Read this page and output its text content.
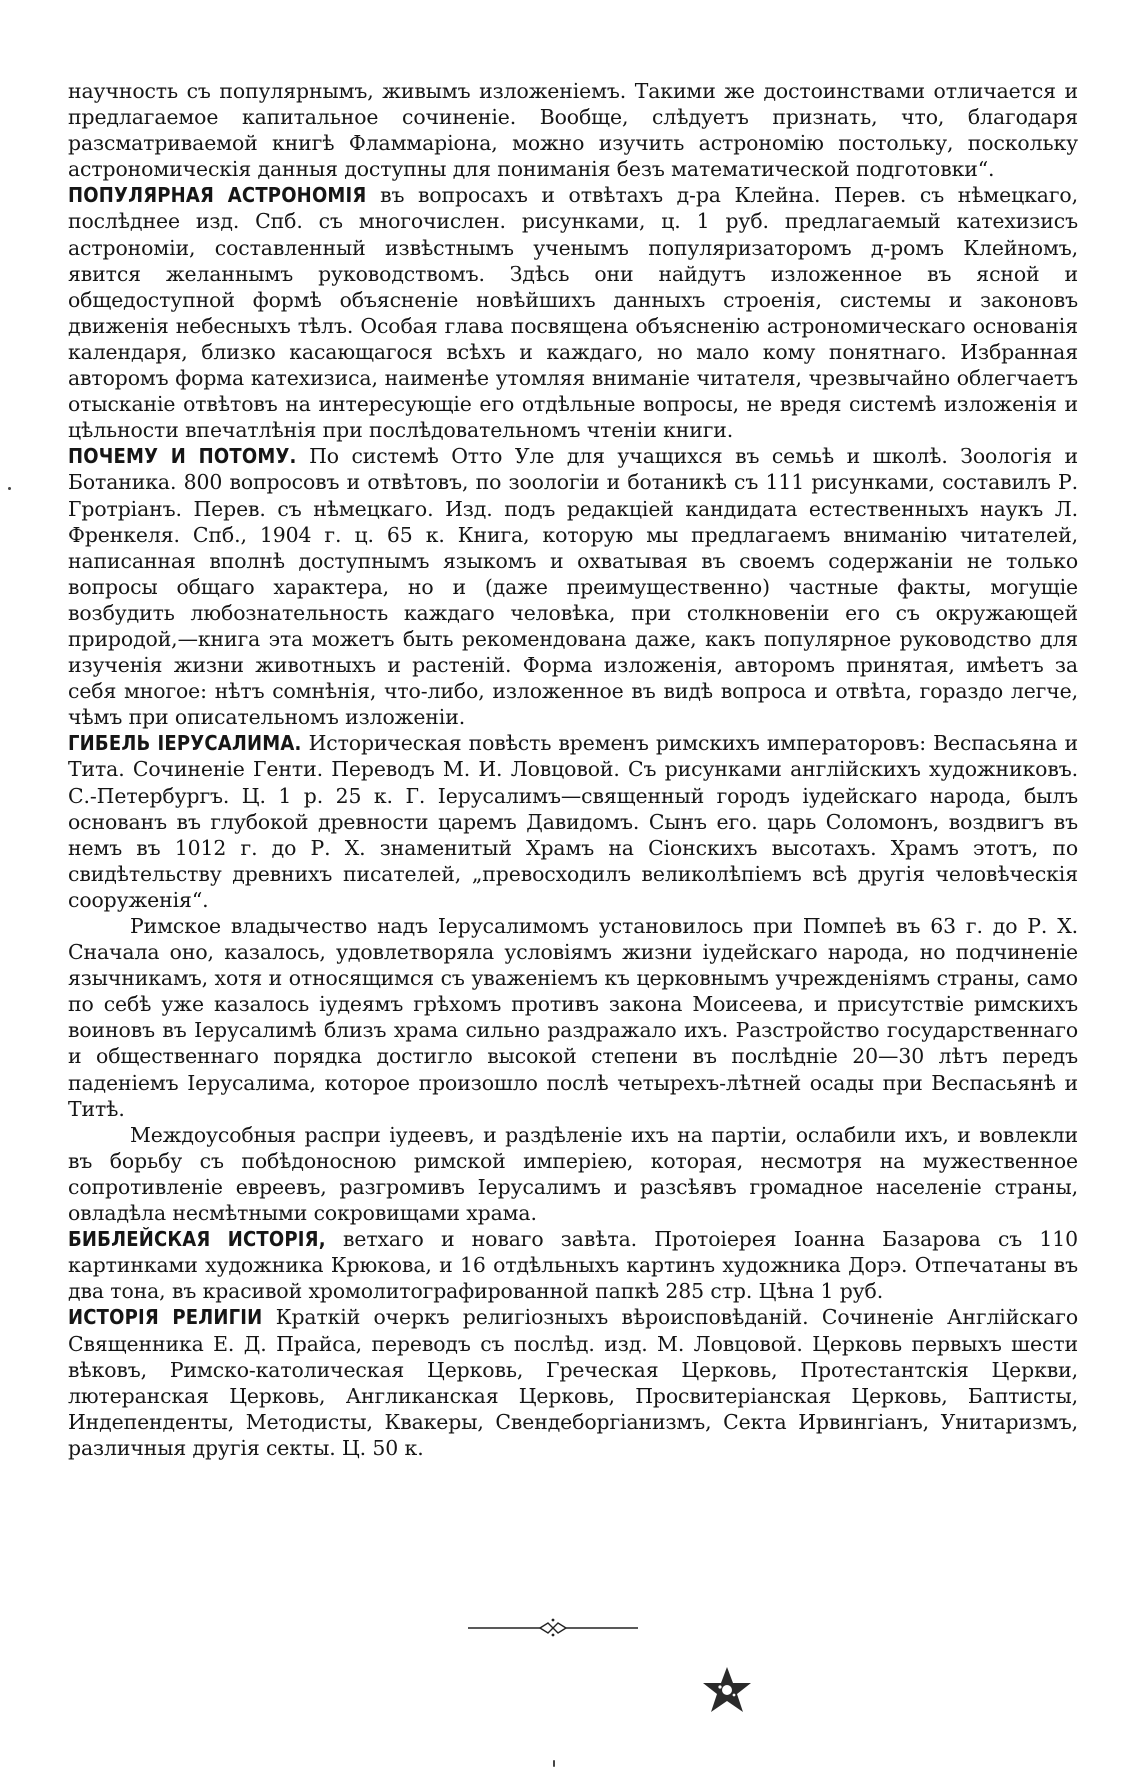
научность съ популярнымъ, живымъ изложеніемъ. Такими же достоинствами отличается и предлагаемое капитальное сочиненіе. Вообще, слѣдуетъ признать, что, благодаря разсматриваемой книгѣ Фламмаріона, можно изучить астрономію постольку, поскольку астрономическія данныя доступны для пониманія безъ математической подготовки“.

ПОПУЛЯРНАЯ АСТРОНОМІЯ въ вопросахъ и отвѣтахъ д-ра Клейна. Перев. съ нѣмецкаго, послѣднее изд. Спб. съ многочислен. рисунками, ц. 1 руб. предлагаемый катехизисъ астрономіи, составленный извѣстнымъ ученымъ популяризаторомъ д-ромъ Клейномъ, явится желаннымъ руководствомъ. Здѣсь они найдутъ изложенное въ ясной и общедоступной формѣ объясненіе новѣйшихъ данныхъ строенія, системы и законовъ движенія небесныхъ тѣлъ. Особая глава посвящена объясненію астрономическаго основанія календаря, близко касающагося всѣхъ и каждаго, но мало кому понятнаго. Избранная авторомъ форма катехизиса, наименѣе утомляя вниманіе читателя, чрезвычайно облегчаетъ отысканіе отвѣтовъ на интересующіе его отдѣльные вопросы, не вредя системѣ изложенія и цѣльности впечатлѣнія при послѣдовательномъ чтеніи книги.

ПОЧЕМУ И ПОТОМУ. По системѣ Отто Уле для учащихся въ семьѣ и школѣ. Зоологія и Ботаника. 800 вопросовъ и отвѣтовъ, по зоологіи и ботаникѣ съ 111 рисунками, составилъ Р. Гротріанъ. Перев. съ нѣмецкаго. Изд. подъ редакціей кандидата естественныхъ наукъ Л. Френкеля. Спб., 1904 г. ц. 65 к. Книга, которую мы предлагаемъ вниманію читателей, написанная вполнѣ доступнымъ языкомъ и охватывая въ своемъ содержаніи не только вопросы общаго характера, но и (даже преимущественно) частные факты, могущіе возбудить любознательность каждаго человѣка, при столкновеніи его съ окружающей природой,—книга эта можетъ быть рекомендована даже, какъ популярное руководство для изученія жизни животныхъ и растеній. Форма изложенія, авторомъ принятая, имѣетъ за себя многое: нѣтъ сомнѣнія, что-либо, изложенное въ видѣ вопроса и отвѣта, гораздо легче, чѣмъ при описательномъ изложеніи.

ГИБЕЛЬ ІЕРУСАЛИМА. Историческая повѣсть временъ римскихъ императоровъ: Веспасьяна и Тита. Сочиненіе Генти. Переводъ М. И. Ловцовой. Съ рисунками англійскихъ художниковъ. С.-Петербургъ. Ц. 1 р. 25 к. Г. Іерусалимъ—священный городъ іудейскаго народа, былъ основанъ въ глубокой древности царемъ Давидомъ. Сынъ его. царь Соломонъ, воздвигъ въ немъ въ 1012 г. до Р. Х. знаменитый Храмъ на Сіонскихъ высотахъ. Храмъ этотъ, по свидѣтельству древнихъ писателей, „превосходилъ великолѣпіемъ всѣ другія человѣческія сооруженія“.

Римское владычество надъ Іерусалимомъ установилось при Помпеѣ въ 63 г. до Р. Х. Сначала оно, казалось, удовлетворяла условіямъ жизни іудейскаго народа, но подчиненіе язычникамъ, хотя и относящимся съ уваженіемъ къ церковнымъ учрежденіямъ страны, само по себѣ уже казалось іудеямъ грѣхомъ противъ закона Моисеева, и присутствіе римскихъ воиновъ въ Іерусалимѣ близъ храма сильно раздражало ихъ. Разстройство государственнаго и общественнаго порядка достигло высокой степени въ послѣдніе 20—30 лѣтъ передъ паденіемъ Іерусалима, которое произошло послѣ четырехъ-лѣтней осады при Веспасьянѣ и Титѣ.

Междоусобныя распри іудеевъ, и раздѣленіе ихъ на партіи, ослабили ихъ, и вовлекли въ борьбу съ побѣдоносною римской имперіею, которая, несмотря на мужественное сопротивленіе евреевъ, разгромивъ Іерусалимъ и разсѣявъ громадное населеніе страны, овладѣла несмѣтными сокровищами храма.

БИБЛЕЙСКАЯ ИСТОРІЯ, ветхаго и новаго завѣта. Протоіерея Іоанна Базарова съ 110 картинками художника Крюкова, и 16 отдѣльныхъ картинъ художника Дорэ. Отпечатаны въ два тона, въ красивой хромолитографированной папкѣ 285 стр. Цѣна 1 руб.

ИСТОРІЯ РЕЛИГІИ Краткій очеркъ религіозныхъ вѣроисповѣданій. Сочиненіе Англійскаго Священника Е. Д. Прайса, переводъ съ послѣд. изд. М. Ловцовой. Церковь первыхъ шести вѣковъ, Римско-католическая Церковь, Греческая Церковь, Протестантскія Церкви, лютеранская Церковь, Англиканская Церковь, Просвитеріанская Церковь, Баптисты, Индепенденты, Методисты, Квакеры, Свендеборгіанизмъ, Секта Ирвингіанъ, Унитаризмъ, различныя другія секты. Ц. 50 к.
